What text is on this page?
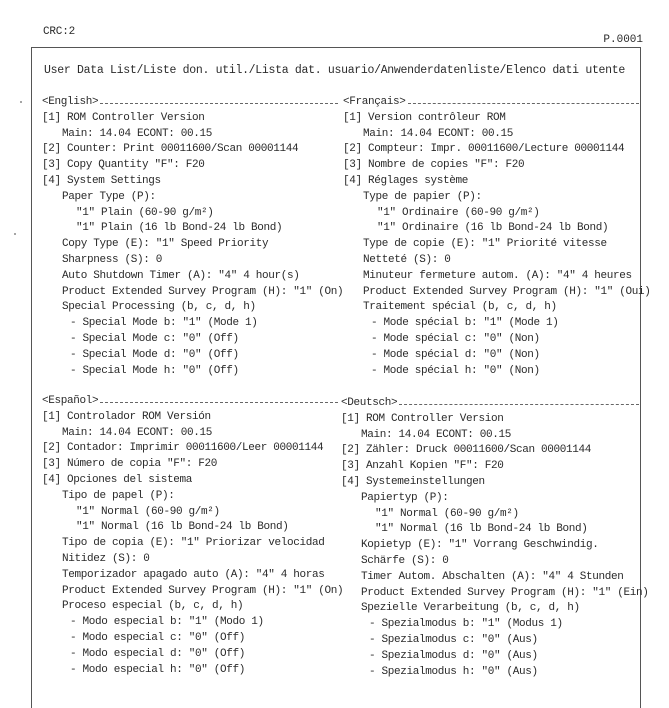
CRC:2
P.0001
User Data List/Liste don. util./Lista dat. usuario/Anwenderdatenliste/Elenco dati utente
<English>
[1] ROM Controller Version
Main: 14.04 ECONT: 00.15
[2] Counter: Print 00011600/Scan 00001144
[3] Copy Quantity "F": F20
[4] System Settings
Paper Type (P):
"1" Plain (60-90 g/m²)
"1" Plain (16 lb Bond-24 lb Bond)
Copy Type (E): "1" Speed Priority
Sharpness (S): 0
Auto Shutdown Timer (A): "4" 4 hour(s)
Product Extended Survey Program (H): "1" (On)
Special Processing (b, c, d, h)
- Special Mode b: "1" (Mode 1)
- Special Mode c: "0" (Off)
- Special Mode d: "0" (Off)
- Special Mode h: "0" (Off)
<Français>
[1] Version contrôleur ROM
Main: 14.04 ECONT: 00.15
[2] Compteur: Impr. 00011600/Lecture 00001144
[3] Nombre de copies "F": F20
[4] Réglages système
Type de papier (P):
"1" Ordinaire (60-90 g/m²)
"1" Ordinaire (16 lb Bond-24 lb Bond)
Type de copie (E): "1" Priorité vitesse
Netteté (S): 0
Minuteur fermeture autom. (A): "4" 4 heures
Product Extended Survey Program (H): "1" (Oui)
Traitement spécial (b, c, d, h)
- Mode spécial b: "1" (Mode 1)
- Mode spécial c: "0" (Non)
- Mode spécial d: "0" (Non)
- Mode spécial h: "0" (Non)
<Español>
[1] Controlador ROM Versión
Main: 14.04 ECONT: 00.15
[2] Contador: Imprimir 00011600/Leer 00001144
[3] Número de copia "F": F20
[4] Opciones del sistema
Tipo de papel (P):
"1" Normal (60-90 g/m²)
"1" Normal (16 lb Bond-24 lb Bond)
Tipo de copia (E): "1" Priorizar velocidad
Nitidez (S): 0
Temporizador apagado auto (A): "4" 4 horas
Product Extended Survey Program (H): "1" (On)
Proceso especial (b, c, d, h)
- Modo especial b: "1" (Modo 1)
- Modo especial c: "0" (Off)
- Modo especial d: "0" (Off)
- Modo especial h: "0" (Off)
<Deutsch>
[1] ROM Controller Version
Main: 14.04 ECONT: 00.15
[2] Zähler: Druck 00011600/Scan 00001144
[3] Anzahl Kopien "F": F20
[4] Systemeinstellungen
Papiertyp (P):
"1" Normal (60-90 g/m²)
"1" Normal (16 lb Bond-24 lb Bond)
Kopietyp (E): "1" Vorrang Geschwindig.
Schärfe (S): 0
Timer Autom. Abschalten (A): "4" 4 Stunden
Product Extended Survey Program (H): "1" (Ein)
Spezielle Verarbeitung (b, c, d, h)
- Spezialmodus b: "1" (Modus 1)
- Spezialmodus c: "0" (Aus)
- Spezialmodus d: "0" (Aus)
- Spezialmodus h: "0" (Aus)
